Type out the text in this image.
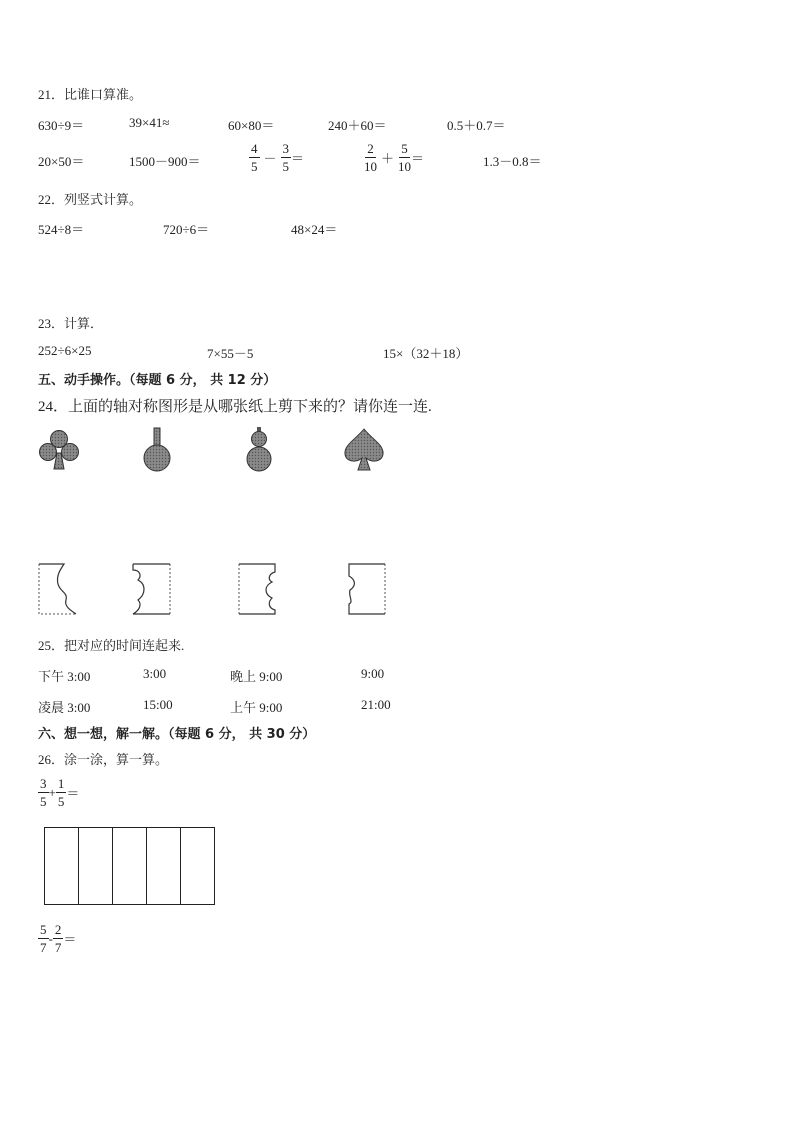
21．比谁口算准。
630÷9＝	39×41≈	60×80＝	240＋60＝	0.5＋0.7＝
20×50＝	1500－900＝	$\frac{4}{5} - \frac{3}{5}$ ＝	$\frac{2}{10} + \frac{5}{10}$ ＝	1.3－0.8＝
22．列竖式计算。
524÷8＝	720÷6＝	48×24＝
23．计算．
252÷6×25	7×55－5	15×（32＋18）
五、动手操作。（每题 6 分， 共 12 分）
24．上面的轴对称图形是从哪张纸上剪下来的？请你连一连.
25．把对应的时间连起来.
下午 3:00	3:00	晚上 9:00	9:00
凌晨 3:00	15:00	上午 9:00	21:00
六、想一想，解一解。（每题 6 分， 共 30 分）
26．涂一涂，算一算。
$\frac{3}{5} + \frac{1}{5}$ ＝
$\frac{5}{7} - \frac{2}{7}$ ＝
